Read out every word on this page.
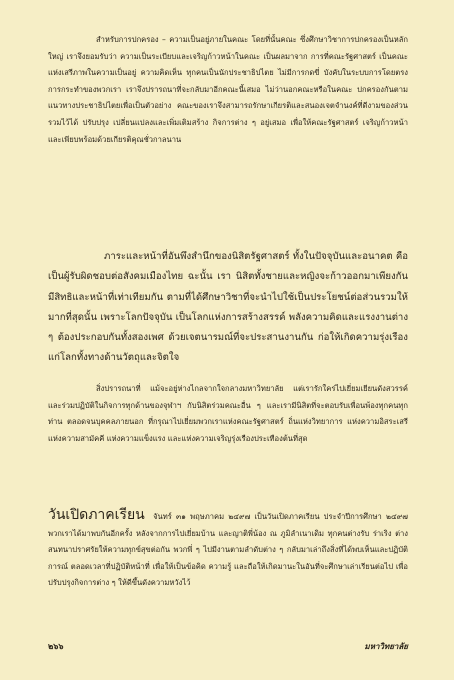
สำหรับการปกครอง – ความเป็นอยู่ภายในคณะ โดยที่นั้นคณะ ซึ่งศึกษาวิชาการปกครองเป็นหลักใหญ่ เราจึงยอมรับว่า ความเป็นระเบียบและเจริญก้าวหน้าในคณะ เป็นผลมาจาก การที่คณะรัฐศาสตร์ เป็นคณะแห่งเสรีภาพในความเป็นอยู่ ความคิดเห็น ทุกคนเป็นนักประชาธิปไตย ไม่มีการกดขี่ บังคับในระบบการโดยตรงการกระทำของพวกเรา เราจึงปรารถนาที่จะกลับมาอีกคณะนี้เสมอ ไม่ว่านอกคณะหรือในคณะ ปกครองกันตามแนวทางประชาธิปไตยเพื่อเป็นตัวอย่าง คณะของเราจึงสามารถรักษาเกียรติและสนองเจตจำนงค์ที่ดีงามของส่วนรวมไว้ได้ ปรับปรุง เปลี่ยนแปลงและเพิ่มเติมสร้าง กิจการต่าง ๆ อยู่เสมอ เพื่อให้คณะรัฐศาสตร์ เจริญก้าวหน้า และเพียบพร้อมด้วยเกียรติคุณชั่วกาลนาน

ภาระและหน้าที่อันพึงสำนึกของนิสิตรัฐศาสตร์ ทั้งในปัจจุบันและอนาคต คือเป็นผู้รับผิดชอบต่อสังคมเมืองไทย ฉะนั้น เรา นิสิตทั้งชายและหญิงจะก้าวออกมาเพียงกัน มีสิทธิและหน้าที่เท่าเทียมกัน ตามที่ได้ศึกษาวิชาที่จะนำไปใช้เป็นประโยชน์ต่อส่วนรวมให้มากที่สุดนั้น เพราะโลกปัจจุบัน เป็นโลกแห่งการสร้างสรรค์ พลังความคิดและแรงงานต่าง ๆ ต้องประกอบกันทั้งสองเพศ ด้วยเจตนารมณ์ที่จะประสานงานกัน ก่อให้เกิดความรุ่งเรืองแก่โลกทั้งทางด้านวัตถุและจิตใจ

สิ่งปรารถนาที่ แม้จะอยู่ห่างไกลจากใจกลางมหาวิทยาลัย แต่เรารักใคร่ไปเยี่ยมเยียนดังสวรรค์ และร่วมปฏิบัติในกิจการทุกด้านของจุฬาฯ กับนิสิตร่วมคณะอื่น ๆ และเรามีนิสิตที่จะตอบรับเพื่อนพ้องทุกคนทุกท่าน ตลอดจนบุคคลภายนอก ที่กรุณาไปเยี่ยมพวกเราแห่งคณะรัฐศาสตร์ ถิ่นแห่งวิทยาการ แห่งความอิสระเสรี แห่งความสามัคคี แห่งความแข็งแรง และแห่งความเจริญรุ่งเรืองประเทืองต้นที่สุด

วันเปิดภาคเรียน จันทร์ ๓๑ พฤษภาคม ๒๔๙๗ เป็นวันเปิดภาคเรียน ประจำปีการศึกษา ๒๔๙๗ พวกเราได้มาพบกันอีกครั้ง หลังจากการไปเยี่ยมบ้าน และญาติพี่น้อง ณ ภูมิลำเนาเดิม ทุกคนต่างรับ ร่าเริง ต่างสนทนาปราศรัยให้ความทุกข์สุขต่อกัน พวกพี่ ๆ ไปมีงานตามลำดับต่าง ๆ กลับมาเล่าถึงสิ่งที่ได้พบเห็นและปฏิบัติการณ์ ตลอดเวลาที่ปฏิบัติหน้าที่ เพื่อให้เป็นข้อคิด ความรู้ และถือให้เกิดมานะในอันที่จะศึกษาเล่าเรียนต่อไป เพื่อปรับปรุงกิจการต่าง ๆ ให้ดีขึ้นดังความหวังไว้

๒๖๖	มหาวิทยาลัย
